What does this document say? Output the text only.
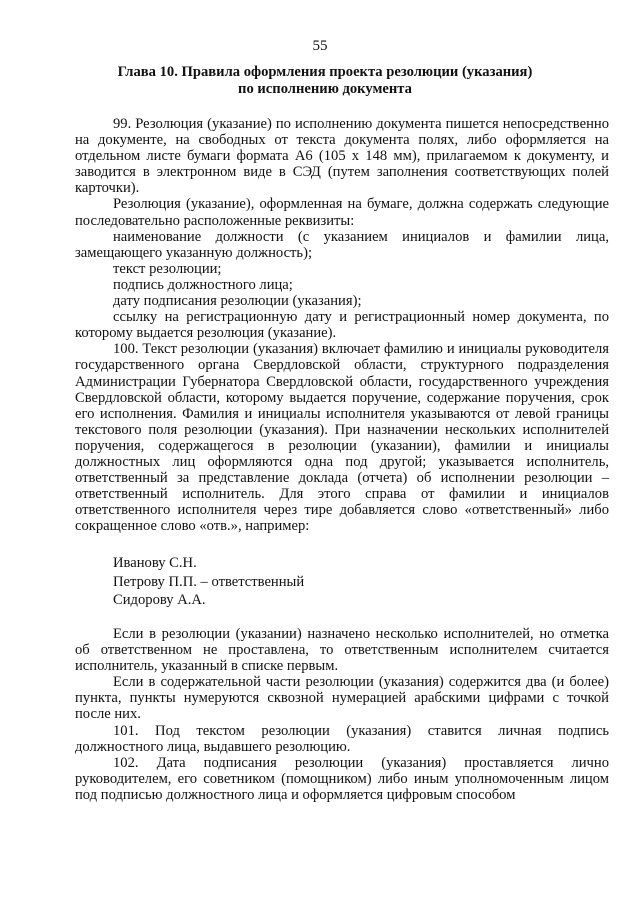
55
Глава 10. Правила оформления проекта резолюции (указания)
по исполнению документа

99. Резолюция (указание) по исполнению документа пишется непосредственно на документе, на свободных от текста документа полях, либо оформляется на отдельном листе бумаги формата А6 (105 х 148 мм), прилагаемом к документу, и заводится в электронном виде в СЭД (путем заполнения соответствующих полей карточки).

Резолюция (указание), оформленная на бумаге, должна содержать следующие последовательно расположенные реквизиты:

наименование должности (с указанием инициалов и фамилии лица, замещающего указанную должность);

текст резолюции;

подпись должностного лица;

дату подписания резолюции (указания);

ссылку на регистрационную дату и регистрационный номер документа, по которому выдается резолюция (указание).

100. Текст резолюции (указания) включает фамилию и инициалы руководителя государственного органа Свердловской области, структурного подразделения Администрации Губернатора Свердловской области, государственного учреждения Свердловской области, которому выдается поручение, содержание поручения, срок его исполнения. Фамилия и инициалы исполнителя указываются от левой границы текстового поля резолюции (указания). При назначении нескольких исполнителей поручения, содержащегося в резолюции (указании), фамилии и инициалы должностных лиц оформляются одна под другой; указывается исполнитель, ответственный за представление доклада (отчета) об исполнении резолюции – ответственный исполнитель. Для этого справа от фамилии и инициалов ответственного исполнителя через тире добавляется слово «ответственный» либо сокращенное слово «отв.», например:

Иванову С.Н.
Петрову П.П. – ответственный
Сидорову А.А.

Если в резолюции (указании) назначено несколько исполнителей, но отметка об ответственном не проставлена, то ответственным исполнителем считается исполнитель, указанный в списке первым.

Если в содержательной части резолюции (указания) содержится два (и более) пункта, пункты нумеруются сквозной нумерацией арабскими цифрами с точкой после них.

101. Под текстом резолюции (указания) ставится личная подпись должностного лица, выдавшего резолюцию.

102. Дата подписания резолюции (указания) проставляется лично руководителем, его советником (помощником) либо иным уполномоченным лицом под подписью должностного лица и оформляется цифровым способом
